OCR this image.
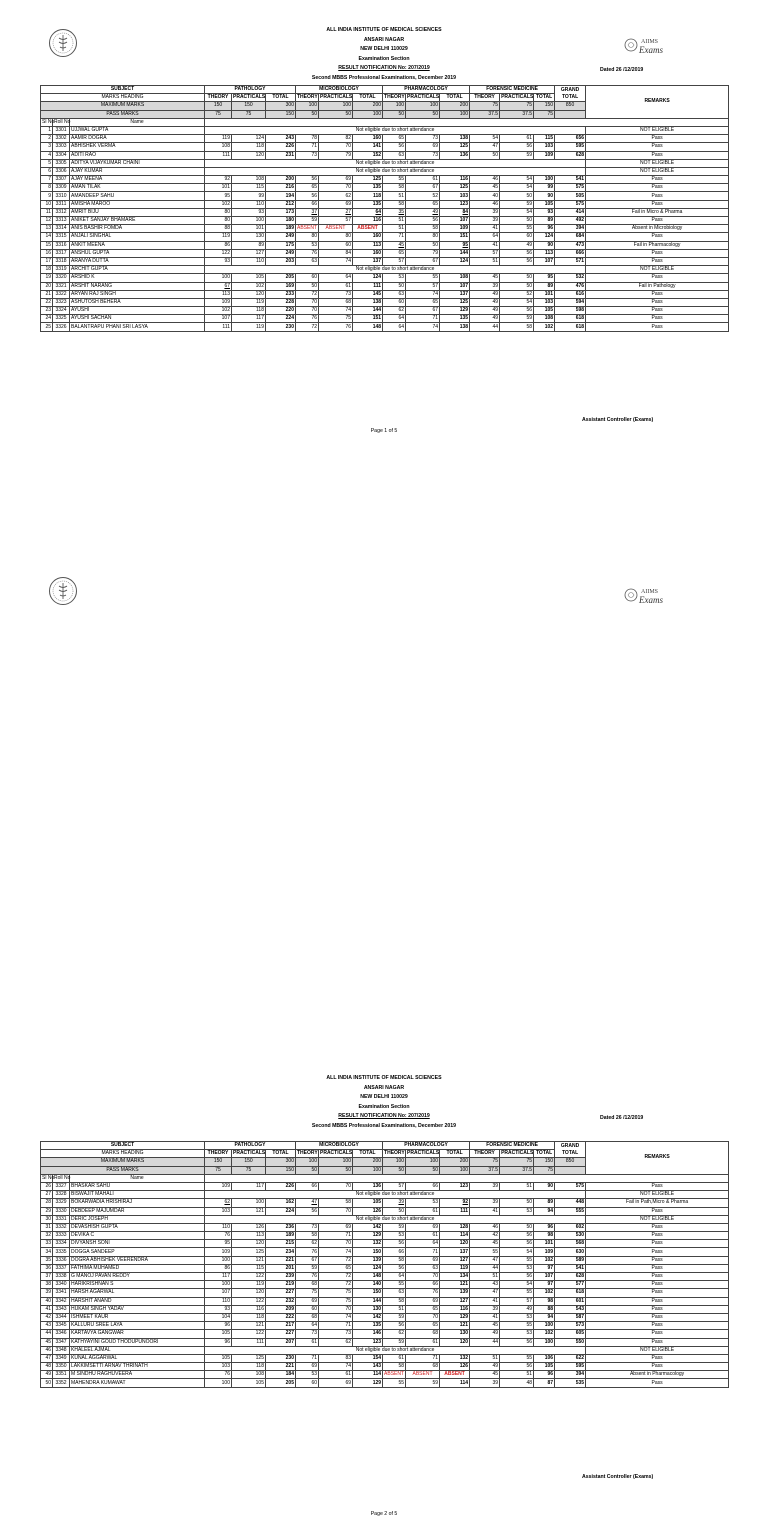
AIIMS
Exams
ALL INDIA INSTITUTE OF MEDICAL SCIENCES
ANSARI NAGAR
NEW DELHI 110029
Examination Section
RESULT NOTIFICATION No: 207/2019
Second MBBS Professional Examinations, December 2019
Dated 26 /12/2019
SUBJECT			PATHOLOGY			MICROBIOLOGY			PHARMACOLOGY			FORENSIC MEDICINE			GRAND TOTAL	REMARKS
MARKS HEADING			THEORY	PRACTICALS	TOTAL	THEORY	PRACTICALS	TOTAL	THEORY	PRACTICALS	TOTAL	THEORY	PRACTICALS	TOTAL		
MAXIMUM MARKS			150	150	300	100	100	200	100	100	200	75	75	150	850	
PASS MARKS			75	75	150	50	50	100	50	50	100	37.5	37.5	75		
Sl No	Roll No	Name														
1	3301	UJJWAL GUPTA	Not eligible due to short attendance													NOT ELIGIBLE
2	3302	AAMIR DOGRA	119	124	243	78	82	160	65	73	138	54	61	115	656	Pass
3	3303	ABHISHEK VERMA	108	118	226	71	70	141	56	69	125	47	56	103	595	Pass
4	3304	ADITI RAO	111	120	231	73	79	152	63	73	136	50	59	109	628	Pass
5	3305	ADITYA VIJAYKUMAR CHAINI	Not eligible due to short attendance													NOT ELIGIBLE
6	3306	AJAY KUMAR	Not eligible due to short attendance													NOT ELIGIBLE
7	3307	AJAY MEENA	92	108	200	56	69	125	55	61	116	46	54	100	541	Pass
8	3309	AMAN TILAK	101	115	216	65	70	135	58	67	125	45	54	99	575	Pass
9	3310	AMANDEEP SAHU	95	99	194	56	62	118	51	52	103	40	50	90	505	Pass
10	3311	AMISHA MAROO	102	110	212	66	69	135	58	65	123	46	59	105	575	Pass
11	3312	AMRIT BIJU	80	93	173	37	27	64	35	49	84	39	54	93	414	Fail in Micro & Pharma
12	3313	ANIKET SANJAY BHAMARE	80	100	180	59	57	116	51	56	107	39	50	89	492	Pass
13	3314	ANIS BASHIR FOMDA	88	101	189	ABSENT	ABSENT	ABSENT	51	58	109	41	55	96	394	Absent in Microbiology
14	3315	ANJALI SINGHAL	119	130	249	80	80	160	71	80	151	64	60	124	684	Pass
15	3316	ANKIT MEENA	86	89	175	53	60	113	45	50	95	41	49	90	473	Fail in Pharmacology
16	3317	ANSHUL GUPTA	122	127	249	76	84	160	65	79	144	57	56	113	666	Pass
17	3318	ARANYA DUTTA	93	110	203	63	74	137	57	67	124	51	56	107	571	Pass
18	3319	ARCHIT GUPTA	Not eligible due to short attendance													NOT ELIGIBLE
19	3320	ARSHID K	100	105	205	60	64	124	53	55	108	45	50	95	532	Pass
20	3321	ARSHIT NARANG	67	102	169	50	61	111	50	57	107	39	50	89	476	Fail in Pathology
21	3322	ARYAN RAJ SINGH	113	120	233	72	73	145	63	74	137	49	52	101	616	Pass
22	3323	ASHUTOSH BEHERA	109	119	228	70	68	138	60	65	125	49	54	103	594	Pass
23	3324	AYUSHI	102	118	220	70	74	144	62	67	129	49	56	105	598	Pass
24	3325	AYUSHI SACHAN	107	117	224	76	75	151	64	71	135	49	59	108	618	Pass
25	3326	BALANTRAPU PHANI SRI LASYA	111	119	230	72	76	148	64	74	138	44	58	102	618	Pass
Assistant Controller (Exams)
Page 1 of 5
AIIMS
Exams
ALL INDIA INSTITUTE OF MEDICAL SCIENCES
ANSARI NAGAR
NEW DELHI 110029
Examination Section
RESULT NOTIFICATION No: 207/2019
Second MBBS Professional Examinations, December 2019
Dated 26 /12/2019
SUBJECT			PATHOLOGY			MICROBIOLOGY			PHARMACOLOGY			FORENSIC MEDICINE			GRAND TOTAL	REMARKS
MARKS HEADING			THEORY	PRACTICALS	TOTAL	THEORY	PRACTICALS	TOTAL	THEORY	PRACTICALS	TOTAL	THEORY	PRACTICALS	TOTAL		
MAXIMUM MARKS			150	150	300	100	100	200	100	100	200	75	75	150	850	
PASS MARKS			75	75	150	50	50	100	50	50	100	37.5	37.5	75		
Sl No	Roll No	Name														
26	3327	BHASKAR SAHU	109	117	226	66	70	136	57	66	123	39	51	90	575	Pass
27	3328	BISWAJIT MAHALI	Not eligible due to short attendance													NOT ELIGIBLE
28	3329	BOKARWADIA HRISHIRAJ	62	100	162	47	58	105	39	53	92	39	50	89	448	Fail in Path,Micro & Pharma
29	3330	DEBDEEP MAJUMDAR	103	121	224	56	70	126	50	61	111	41	53	94	555	Pass
30	3331	DERIC JOSEPH	Not eligible due to short attendance													NOT ELIGIBLE
31	3332	DEVASHISH GUPTA	110	126	236	73	69	142	59	69	128	46	50	96	602	Pass
32	3333	DEVIKA C	76	113	189	58	71	129	53	61	114	42	56	98	530	Pass
33	3334	DIVYANSH SONI	95	120	215	62	70	132	56	64	120	45	56	101	568	Pass
34	3335	DOGGA SANDEEP	109	125	234	76	74	150	66	71	137	55	54	109	630	Pass
35	3336	DOGRA ABHISHEK VEERENDRA	100	121	221	67	72	139	58	69	127	47	55	102	589	Pass
36	3337	FATHIMA MUHAMED	86	115	201	59	65	124	56	63	119	44	53	97	541	Pass
37	3338	G MANOJ PAVAN REDDY	117	122	239	76	72	148	64	70	134	51	56	107	628	Pass
38	3340	HARIKRISHNAN S	100	119	219	68	72	140	55	66	121	43	54	97	577	Pass
39	3341	HARSH AGARWAL	107	120	227	75	75	150	63	76	139	47	55	102	618	Pass
40	3342	HARSHIT ANAND	110	122	232	69	75	144	58	69	127	41	57	98	601	Pass
41	3343	HUKAM SINGH YADAV	93	116	209	60	70	130	51	65	116	39	49	88	543	Pass
42	3344	ISHMEET KAUR	104	118	222	68	74	142	59	70	129	41	53	94	587	Pass
43	3345	KALLURU SREE LAYA	96	121	217	64	71	135	56	65	121	45	55	100	573	Pass
44	3346	KARTAVYA GANGWAR	105	122	227	73	73	146	62	68	130	49	53	102	605	Pass
45	3347	KATHYAYINI GOUD THODUPUNOORI	96	111	207	61	62	123	59	61	120	44	56	100	550	Pass
46	3348	KHALEEL AJMAL	Not eligible due to short attendance													NOT ELIGIBLE
47	3349	KUNAL AGGARWAL	105	125	230	71	83	154	61	71	132	51	55	106	622	Pass
48	3350	LAKKIMSETTI ARNAV THRINATH	103	118	221	69	74	143	58	68	126	49	56	105	595	Pass
49	3351	M SINDHU RAGHUVEERA	76	108	184	53	61	114	ABSENT	ABSENT	ABSENT	45	51	96	394	Absent in Pharmacology
50	3352	MAHENDRA KUMAWAT	100	105	205	60	69	129	55	59	114	39	48	87	535	Pass
Assistant Controller (Exams)
Page 2 of 5
